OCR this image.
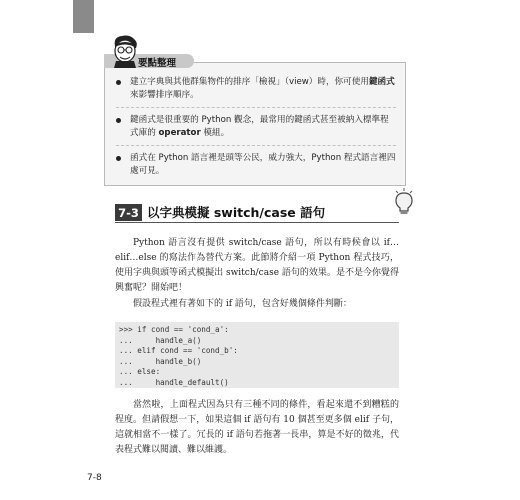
要點整理
建立字典與其他群集物件的排序「檢視」（view）時，你可使用鍵函式來影響排序順序。
鍵函式是很重要的 Python 觀念，最常用的鍵函式甚至被納入標準程式庫的 operator 模組。
函式在 Python 語言裡是頭等公民，威力強大，Python 程式語言裡四處可見。
7-3 以字典模擬 switch/case 語句
Python 語言沒有提供 switch/case 語句，所以有時候會以 if…elif…else 的寫法作為替代方案。此節將介紹一項 Python 程式技巧，使用字典與頭等函式模擬出 switch/case 語句的效果。是不是今你覺得興奮呢？開始吧！
假設程式裡有著如下的 if 語句，包含好幾個條件判斷：
>>> if cond == 'cond_a':
...     handle_a()
... elif cond == 'cond_b':
...     handle_b()
... else:
...     handle_default()
當然啦，上面程式因為只有三種不同的條件，看起來還不到糟糕的程度。但請假想一下，如果這個 if 語句有 10 個甚至更多個 elif 子句，這就相當不一樣了。冗長的 if 語句若拖著一長串，算是不好的徵兆，代表程式難以閱讀、難以維護。
7-8
